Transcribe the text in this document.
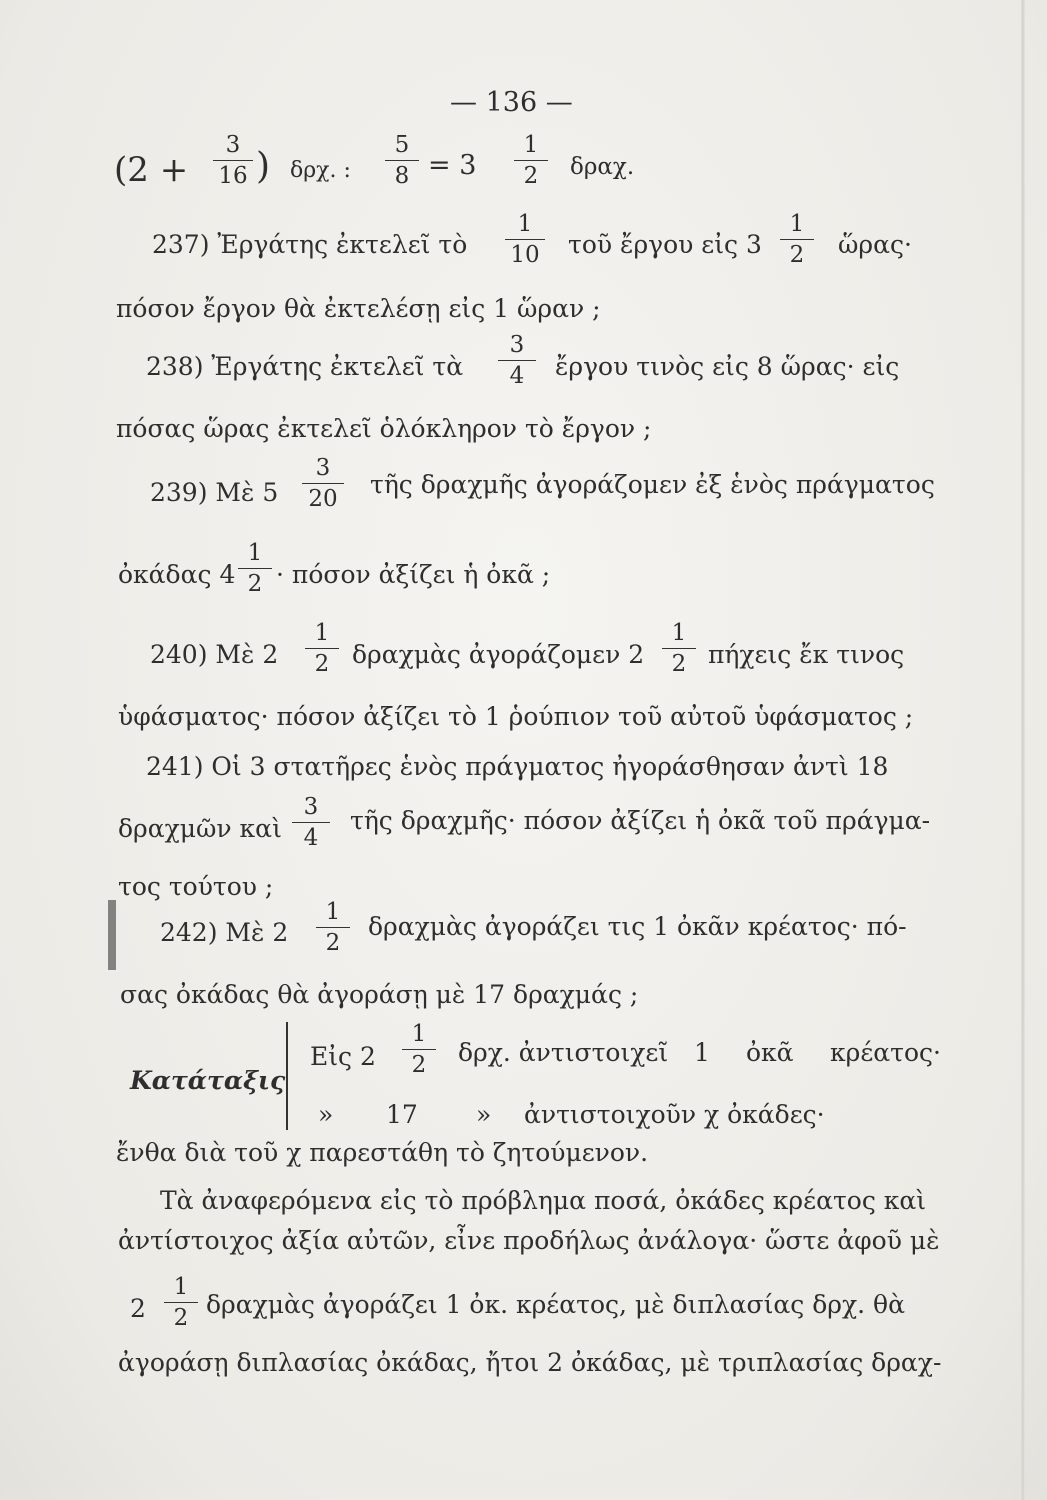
— 136 —
(2 +
3
16 ) δρχ. :
5
8 = 3
1
2	δραχ.
237) Ἐργάτης ἐκτελεῖ τὸ
1
10 τοῦ ἔργου εἰς 3
1
2	ὥρας·
πόσον ἔργον θὰ ἐκτελέσῃ εἰς 1 ὥραν ;
238) Ἐργάτης ἐκτελεῖ τὰ
3
4	ἔργου τινὸς εἰς 8 ὥρας· εἰς
πόσας ὥρας ἐκτελεῖ ὁλόκληρον τὸ ἔργον ;
239) Μὲ 5
3
20 τῆς δραχμῆς ἀγοράζομεν ἐξ ἑνὸς πράγματος
ὀκάδας 4
1
2 · πόσον ἀξίζει ἡ ὀκᾶ ;
240) Μὲ 2
1
2 δραχμὰς ἀγοράζομεν 2
1
2 πήχεις ἔκ τινος
ὑφάσματος· πόσον ἀξίζει τὸ 1 ῥούπιον τοῦ αὐτοῦ ὑφάσματος ;
241) Οἱ 3 στατῆρες ἑνὸς πράγματος ἠγοράσθησαν ἀντὶ 18
δραχμῶν καὶ
3
4
τῆς δραχμῆς· πόσον ἀξίζει ἡ ὀκᾶ τοῦ πράγμα-
τος τούτου ;
242) Μὲ 2
1
2
δραχμὰς ἀγοράζει τις 1 ὀκᾶν κρέατος· πό-
σας ὀκάδας θὰ ἀγοράσῃ μὲ 17 δραχμάς ;
Κατάταξις
Εἰς 2
1
2	δρχ. ἀντιστοιχεῖ 1 ὀκᾶ κρέατος·
» 17 » ἀντιστοιχοῦν χ ὀκάδες·
ἔνθα διὰ τοῦ χ παρεστάθη τὸ ζητούμενον.
Τὰ ἀναφερόμενα εἰς τὸ πρόβλημα ποσά, ὀκάδες κρέατος καὶ
ἀντίστοιχος ἀξία αὐτῶν, εἶνε προδήλως ἀνάλογα· ὥστε ἀφοῦ μὲ
2
1
2 δραχμὰς ἀγοράζει 1 ὀκ. κρέατος, μὲ διπλασίας δρχ. θὰ
ἀγοράσῃ διπλασίας ὀκάδας, ἤτοι 2 ὀκάδας, μὲ τριπλασίας δραχ-
